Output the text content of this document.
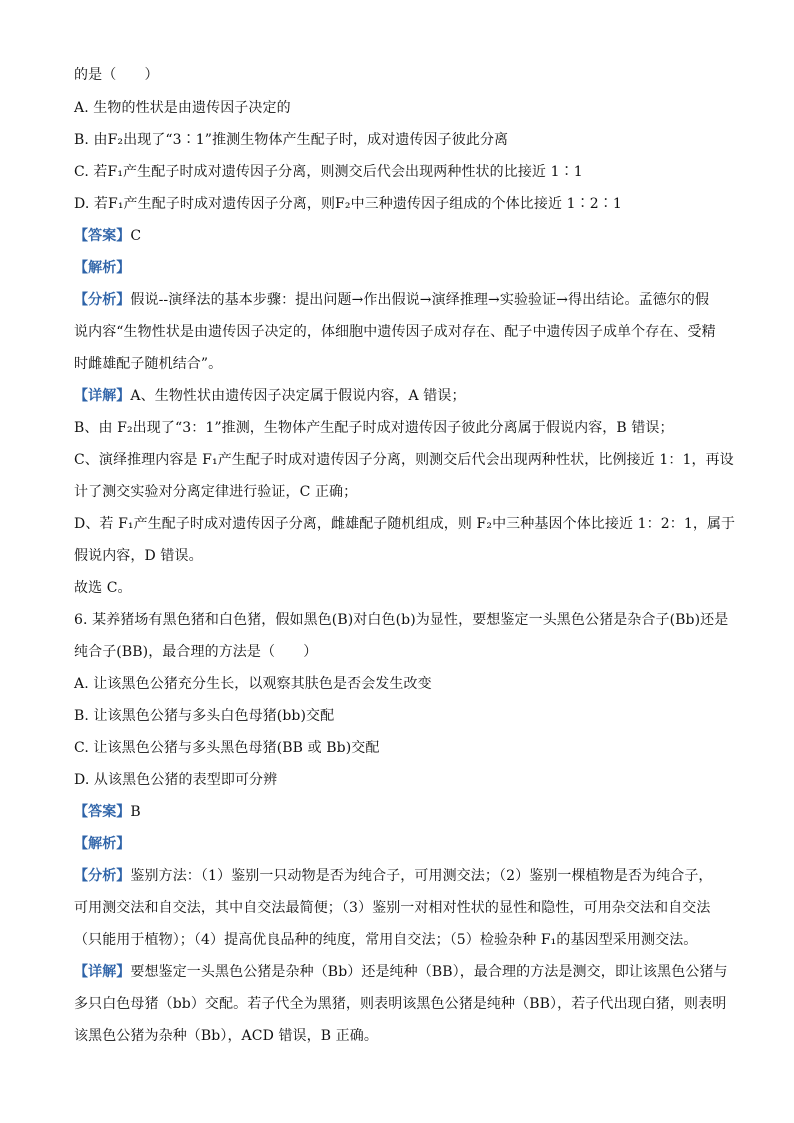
的是（　　）
A. 生物的性状是由遗传因子决定的
B. 由F₂出现了“3∶1”推测生物体产生配子时，成对遗传因子彼此分离
C. 若F₁产生配子时成对遗传因子分离，则测交后代会出现两种性状的比接近 1∶1
D. 若F₁产生配子时成对遗传因子分离，则F₂中三种遗传因子组成的个体比接近 1∶2∶1
【答案】C
【解析】
【分析】假说-‐演绎法的基本步骤：提出问题→作出假说→演绎推理→实验验证→得出结论。孟德尔的假
说内容“生物性状是由遗传因子决定的，体细胞中遗传因子成对存在、配子中遗传因子成单个存在、受精
时雌雄配子随机结合”。
【详解】A、生物性状由遗传因子决定属于假说内容，A 错误；
B、由 F₂出现了“3：1”推测，生物体产生配子时成对遗传因子彼此分离属于假说内容，B 错误；
C、演绎推理内容是 F₁产生配子时成对遗传因子分离，则测交后代会出现两种性状，比例接近 1：1，再设
计了测交实验对分离定律进行验证，C 正确；
D、若 F₁产生配子时成对遗传因子分离，雌雄配子随机组成，则 F₂中三种基因个体比接近 1：2：1，属于
假说内容，D 错误。
故选 C。
6. 某养猪场有黑色猪和白色猪，假如黑色(B)对白色(b)为显性，要想鉴定一头黑色公猪是杂合子(Bb)还是
纯合子(BB)，最合理的方法是（　　）
A. 让该黑色公猪充分生长，以观察其肤色是否会发生改变
B. 让该黑色公猪与多头白色母猪(bb)交配
C. 让该黑色公猪与多头黑色母猪(BB 或 Bb)交配
D. 从该黑色公猪的表型即可分辨
【答案】B
【解析】
【分析】鉴别方法：（1）鉴别一只动物是否为纯合子，可用测交法；（2）鉴别一棵植物是否为纯合子，
可用测交法和自交法，其中自交法最简便；（3）鉴别一对相对性状的显性和隐性，可用杂交法和自交法
（只能用于植物）；（4）提高优良品种的纯度，常用自交法；（5）检验杂种 F₁的基因型采用测交法。
【详解】要想鉴定一头黑色公猪是杂种（Bb）还是纯种（BB），最合理的方法是测交，即让该黑色公猪与
多只白色母猪（bb）交配。若子代全为黑猪，则表明该黑色公猪是纯种（BB），若子代出现白猪，则表明
该黑色公猪为杂种（Bb），ACD 错误，B 正确。
